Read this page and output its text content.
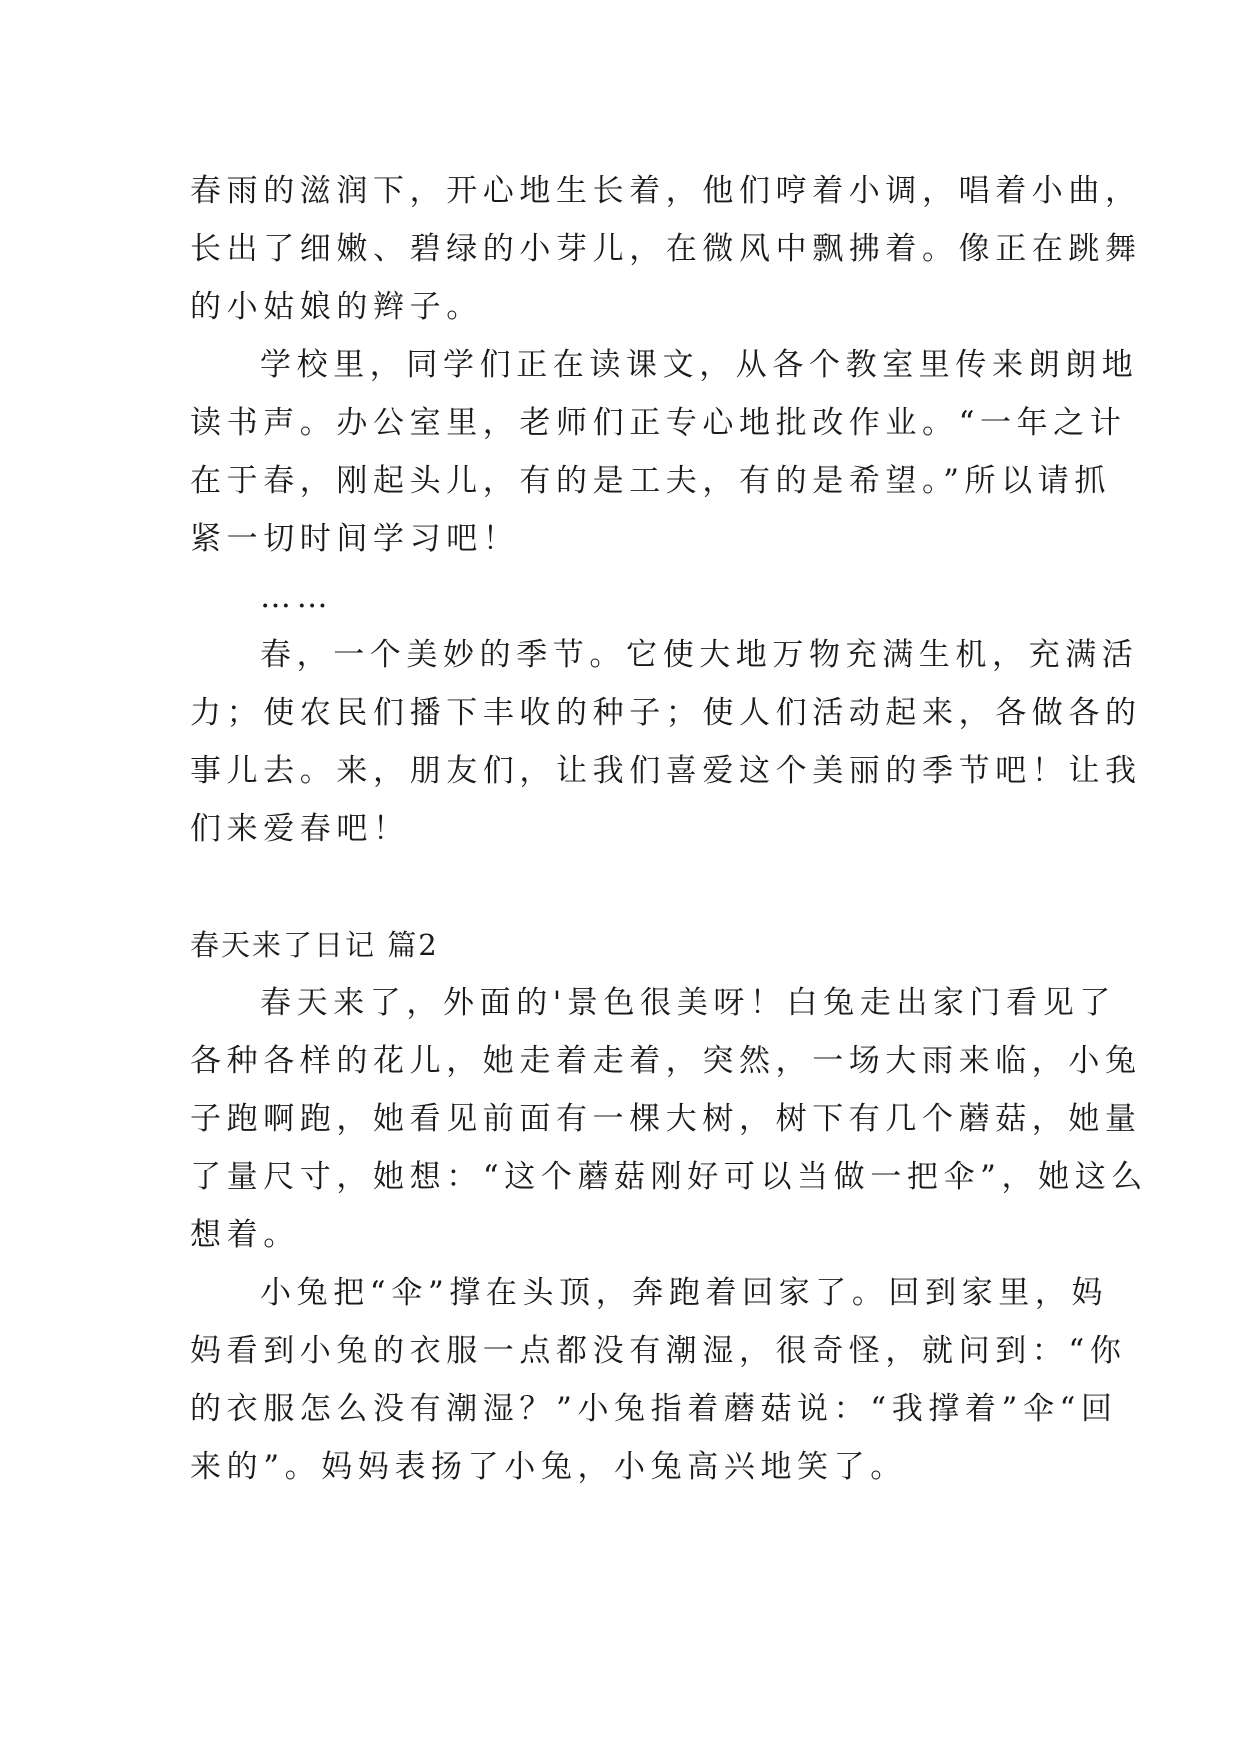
春雨的滋润下，开心地生长着，他们哼着小调，唱着小曲，
长出了细嫩、碧绿的小芽儿，在微风中飘拂着。像正在跳舞
的小姑娘的辫子。
学校里，同学们正在读课文，从各个教室里传来朗朗地
读书声。办公室里，老师们正专心地批改作业。“一年之计
在于春，刚起头儿，有的是工夫，有的是希望。”所以请抓
紧一切时间学习吧！
……
春，一个美妙的季节。它使大地万物充满生机，充满活
力；使农民们播下丰收的种子；使人们活动起来，各做各的
事儿去。来，朋友们，让我们喜爱这个美丽的季节吧！让我
们来爱春吧！
春天来了日记 篇2
春天来了，外面的'景色很美呀！白兔走出家门看见了
各种各样的花儿，她走着走着，突然，一场大雨来临，小兔
子跑啊跑，她看见前面有一棵大树，树下有几个蘑菇，她量
了量尺寸，她想：“这个蘑菇刚好可以当做一把伞”，她这么
想着。
小兔把“伞”撑在头顶，奔跑着回家了。回到家里，妈
妈看到小兔的衣服一点都没有潮湿，很奇怪，就问到：“你
的衣服怎么没有潮湿？”小兔指着蘑菇说：“我撑着”伞“回
来的”。妈妈表扬了小兔，小兔高兴地笑了。
